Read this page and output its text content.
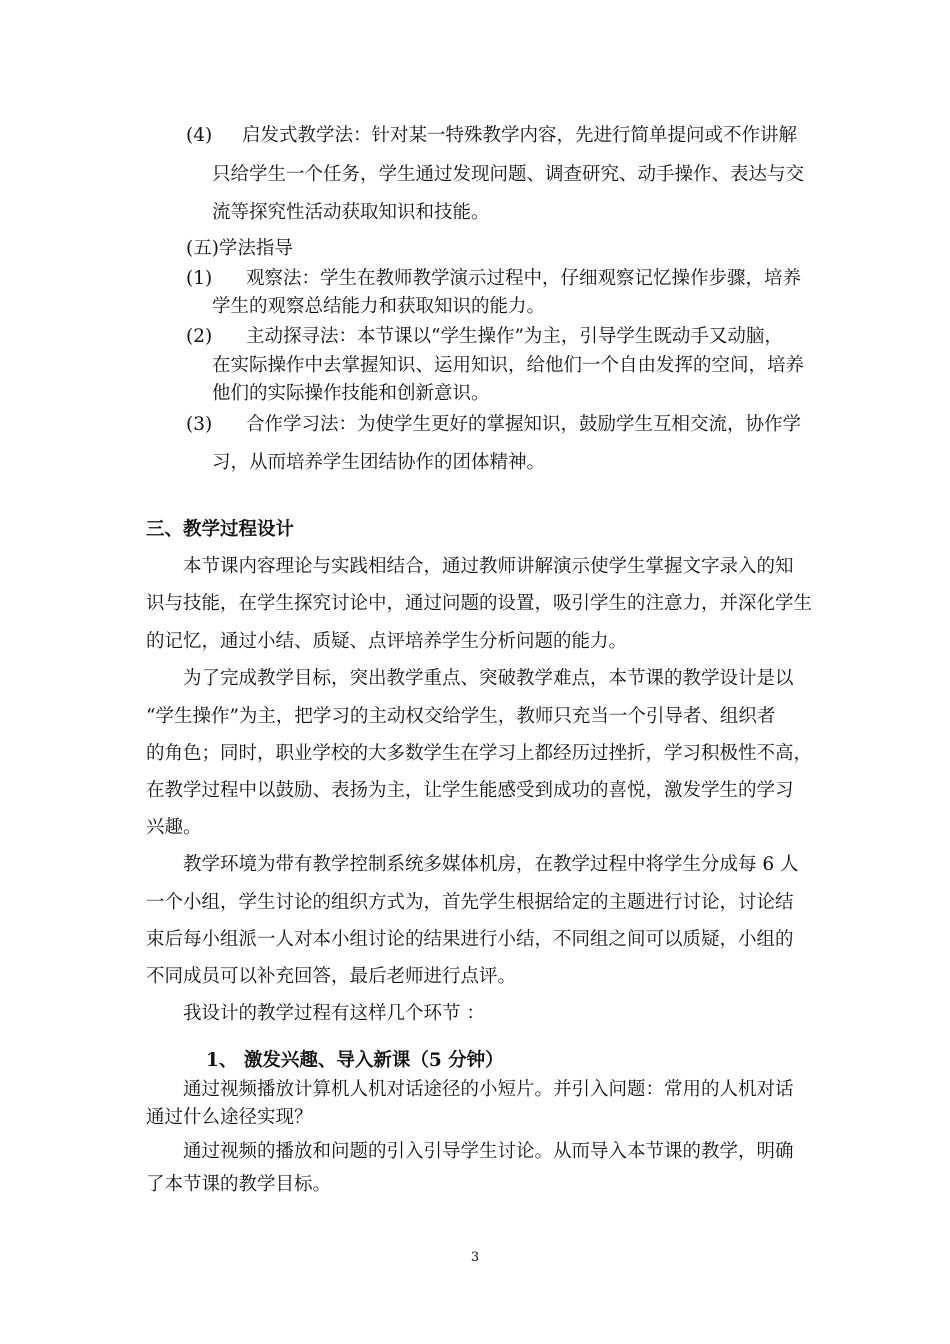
(4) 启发式教学法：针对某一特殊教学内容，先进行简单提问或不作讲解
只给学生一个任务，学生通过发现问题、调查研究、动手操作、表达与交
流等探究性活动获取知识和技能。
(五)学法指导
(1) 观察法：学生在教师教学演示过程中，仔细观察记忆操作步骤，培养
学生的观察总结能力和获取知识的能力。
(2) 主动探寻法：本节课以“学生操作”为主，引导学生既动手又动脑，
在实际操作中去掌握知识、运用知识，给他们一个自由发挥的空间，培养
他们的实际操作技能和创新意识。
(3) 合作学习法：为使学生更好的掌握知识，鼓励学生互相交流，协作学
习，从而培养学生团结协作的团体精神。
三、教学过程设计
本节课内容理论与实践相结合，通过教师讲解演示使学生掌握文字录入的知
识与技能，在学生探究讨论中，通过问题的设置，吸引学生的注意力，并深化学生
的记忆，通过小结、质疑、点评培养学生分析问题的能力。
为了完成教学目标，突出教学重点、突破教学难点，本节课的教学设计是以
“学生操作”为主，把学习的主动权交给学生，教师只充当一个引导者、组织者
的角色；同时，职业学校的大多数学生在学习上都经历过挫折，学习积极性不高，
在教学过程中以鼓励、表扬为主，让学生能感受到成功的喜悦，激发学生的学习
兴趣。
教学环境为带有教学控制系统多媒体机房，在教学过程中将学生分成每 6 人
一个小组，学生讨论的组织方式为，首先学生根据给定的主题进行讨论，讨论结
束后每小组派一人对本小组讨论的结果进行小结，不同组之间可以质疑，小组的
不同成员可以补充回答，最后老师进行点评。
我设计的教学过程有这样几个环节 ：
1、 激发兴趣、导入新课（5 分钟）
通过视频播放计算机人机对话途径的小短片。并引入问题：常用的人机对话
通过什么途径实现？
通过视频的播放和问题的引入引导学生讨论。从而导入本节课的教学，明确
了本节课的教学目标。
3
